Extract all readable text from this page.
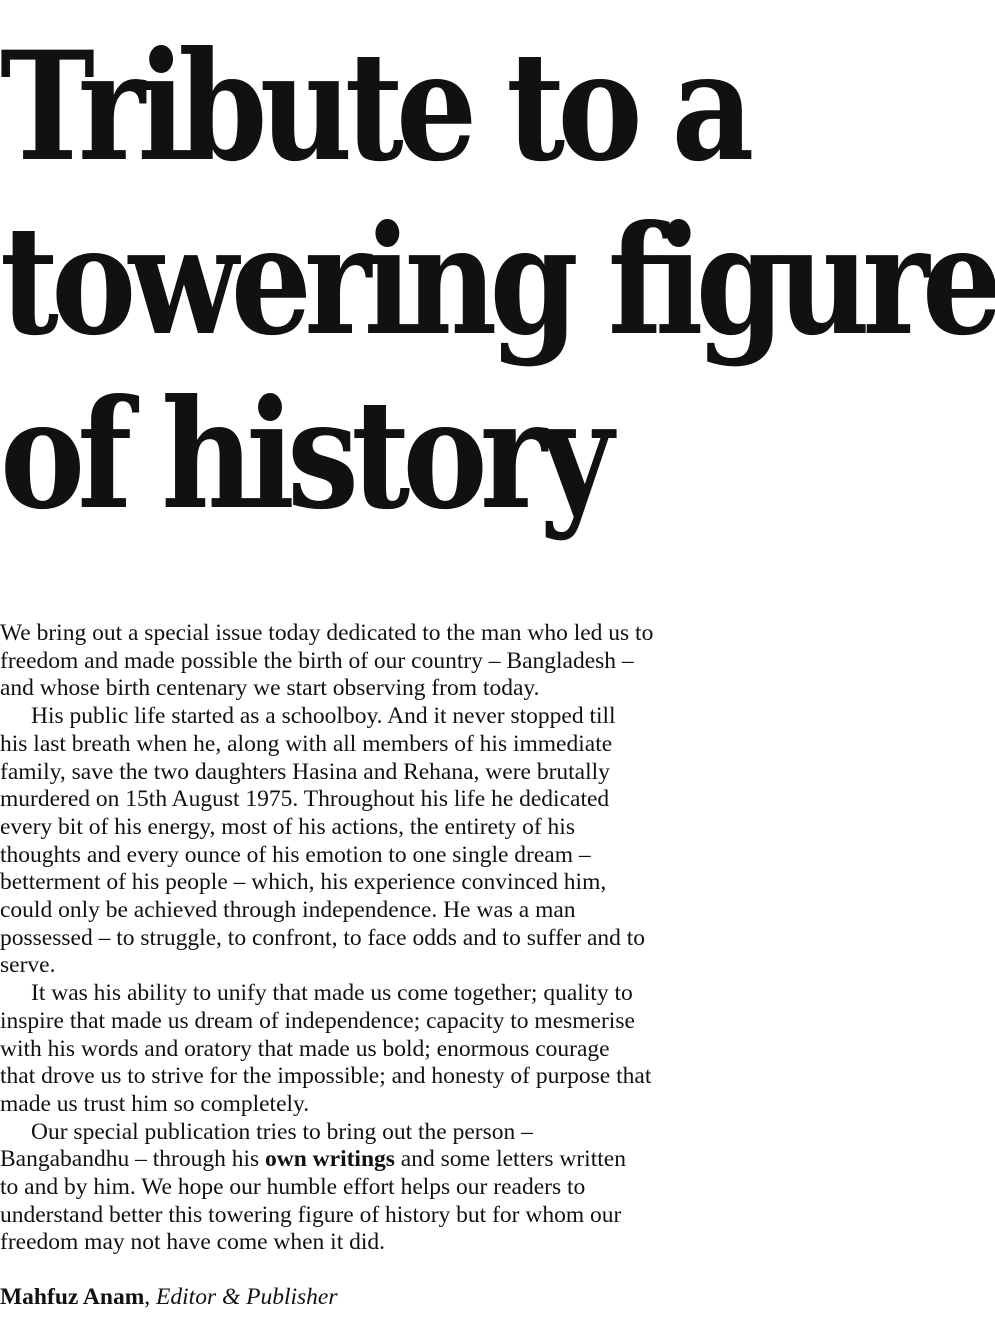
Tribute to a
towering figure
of history

We bring out a special issue today dedicated to the man who led us to
freedom and made possible the birth of our country – Bangladesh –
and whose birth centenary we start observing from today.

His public life started as a schoolboy. And it never stopped till
his last breath when he, along with all members of his immediate
family, save the two daughters Hasina and Rehana, were brutally
murdered on 15th August 1975. Throughout his life he dedicated
every bit of his energy, most of his actions, the entirety of his
thoughts and every ounce of his emotion to one single dream –
betterment of his people – which, his experience convinced him,
could only be achieved through independence. He was a man
possessed – to struggle, to confront, to face odds and to suffer and to
serve.

It was his ability to unify that made us come together; quality to
inspire that made us dream of independence; capacity to mesmerise
with his words and oratory that made us bold; enormous courage
that drove us to strive for the impossible; and honesty of purpose that
made us trust him so completely.

Our special publication tries to bring out the person –
Bangabandhu – through his own writings and some letters written
to and by him. We hope our humble effort helps our readers to
understand better this towering figure of history but for whom our
freedom may not have come when it did.

Mahfuz Anam, Editor & Publisher
